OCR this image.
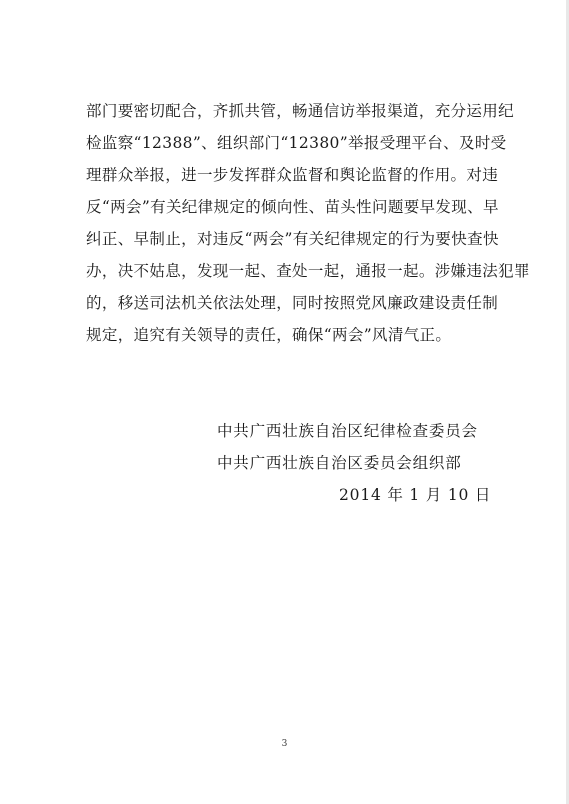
部门要密切配合，齐抓共管，畅通信访举报渠道，充分运用纪
检监察“12388”、组织部门“12380”举报受理平台、及时受
理群众举报，进一步发挥群众监督和舆论监督的作用。对违
反“两会”有关纪律规定的倾向性、苗头性问题要早发现、早
纠正、早制止，对违反“两会”有关纪律规定的行为要快查快
办，决不姑息，发现一起、查处一起，通报一起。涉嫌违法犯罪
的，移送司法机关依法处理，同时按照党风廉政建设责任制
规定，追究有关领导的责任，确保“两会”风清气正。
中共广西壮族自治区纪律检查委员会
中共广西壮族自治区委员会组织部
2014 年 1 月 10 日
3
